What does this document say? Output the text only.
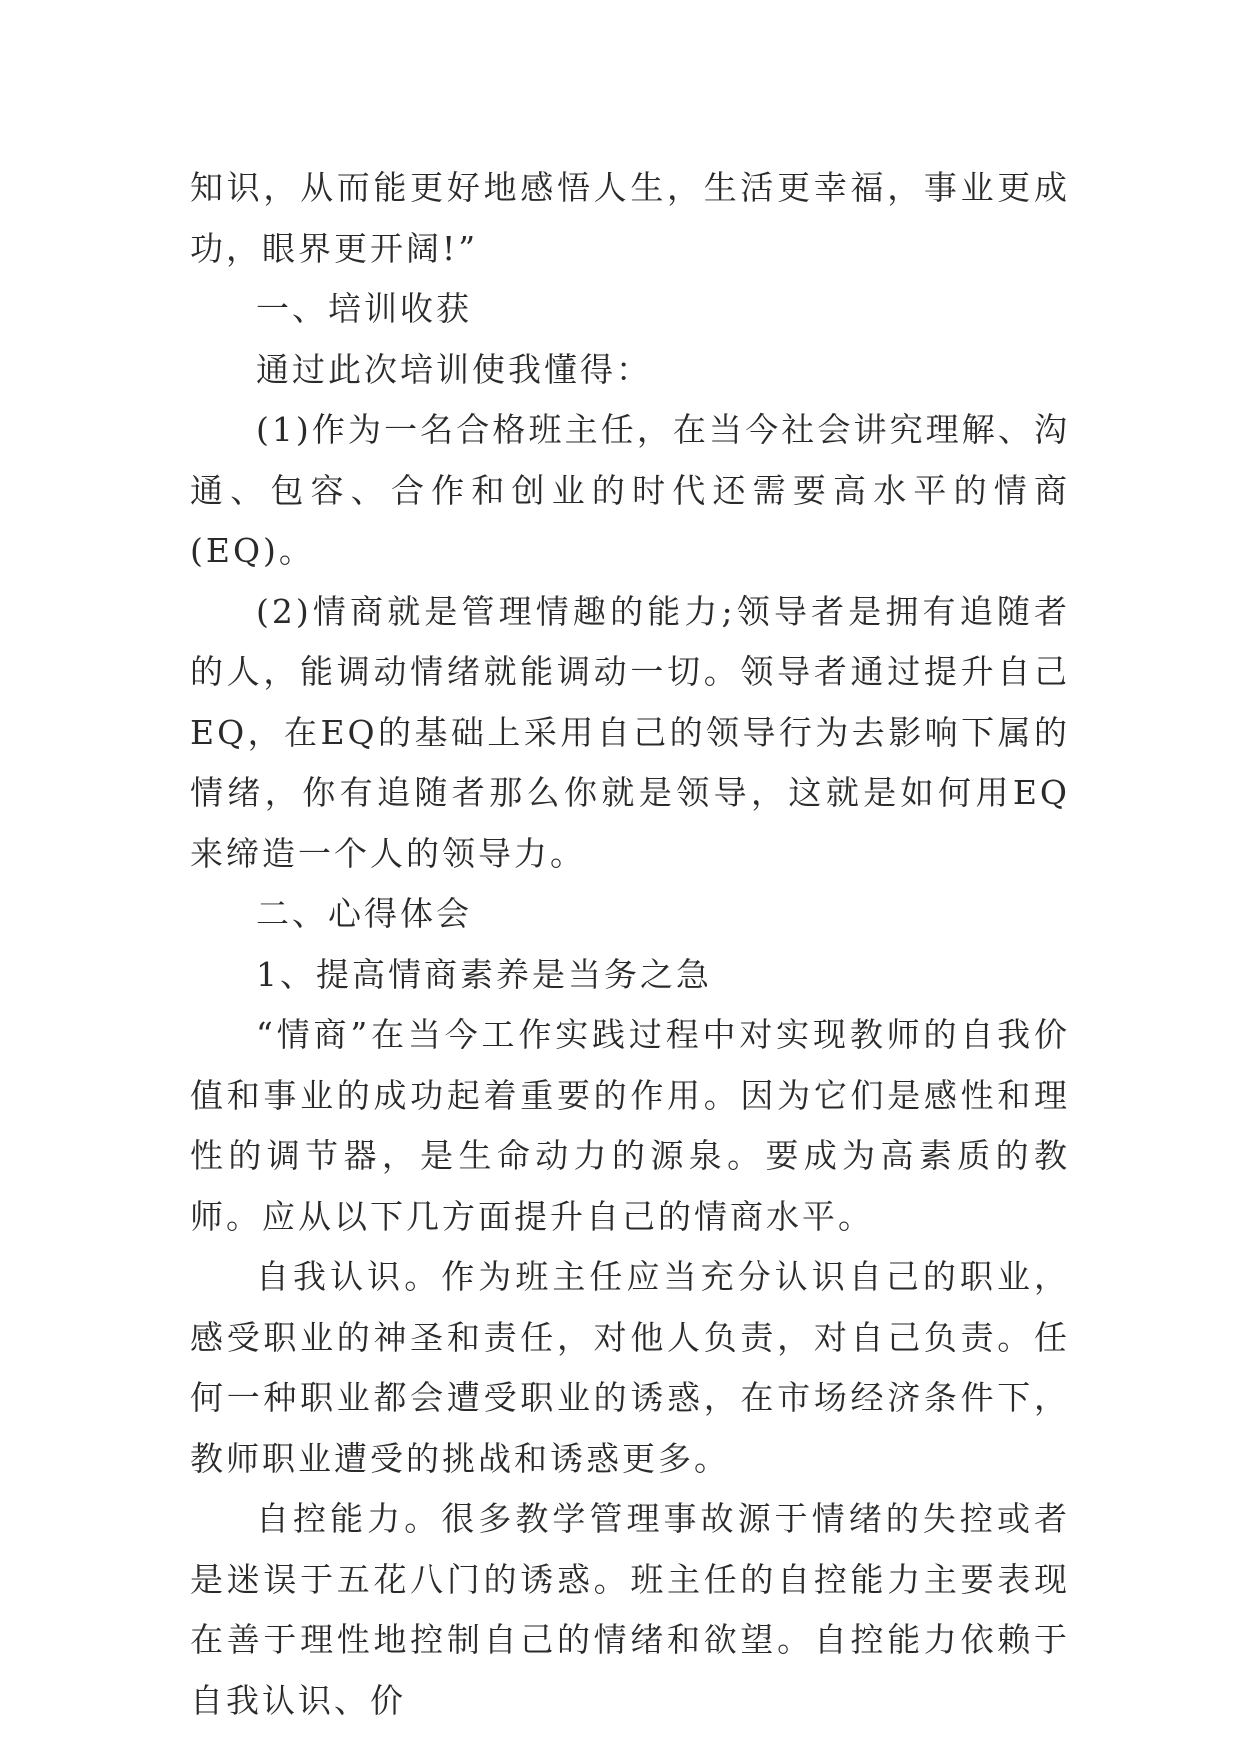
知识，从而能更好地感悟人生，生活更幸福，事业更成功，眼界更开阔!”

一、培训收获

通过此次培训使我懂得：

(1)作为一名合格班主任，在当今社会讲究理解、沟通、包容、合作和创业的时代还需要高水平的情商(EQ)。

(2)情商就是管理情趣的能力;领导者是拥有追随者的人，能调动情绪就能调动一切。领导者通过提升自己EQ，在EQ的基础上采用自己的领导行为去影响下属的情绪，你有追随者那么你就是领导，这就是如何用EQ来缔造一个人的领导力。

二、心得体会

1、提高情商素养是当务之急

“情商”在当今工作实践过程中对实现教师的自我价值和事业的成功起着重要的作用。因为它们是感性和理性的调节器，是生命动力的源泉。要成为高素质的教师。应从以下几方面提升自己的情商水平。

自我认识。作为班主任应当充分认识自己的职业，感受职业的神圣和责任，对他人负责，对自己负责。任何一种职业都会遭受职业的诱惑，在市场经济条件下，教师职业遭受的挑战和诱惑更多。

自控能力。很多教学管理事故源于情绪的失控或者是迷误于五花八门的诱惑。班主任的自控能力主要表现在善于理性地控制自己的情绪和欲望。自控能力依赖于自我认识、价
